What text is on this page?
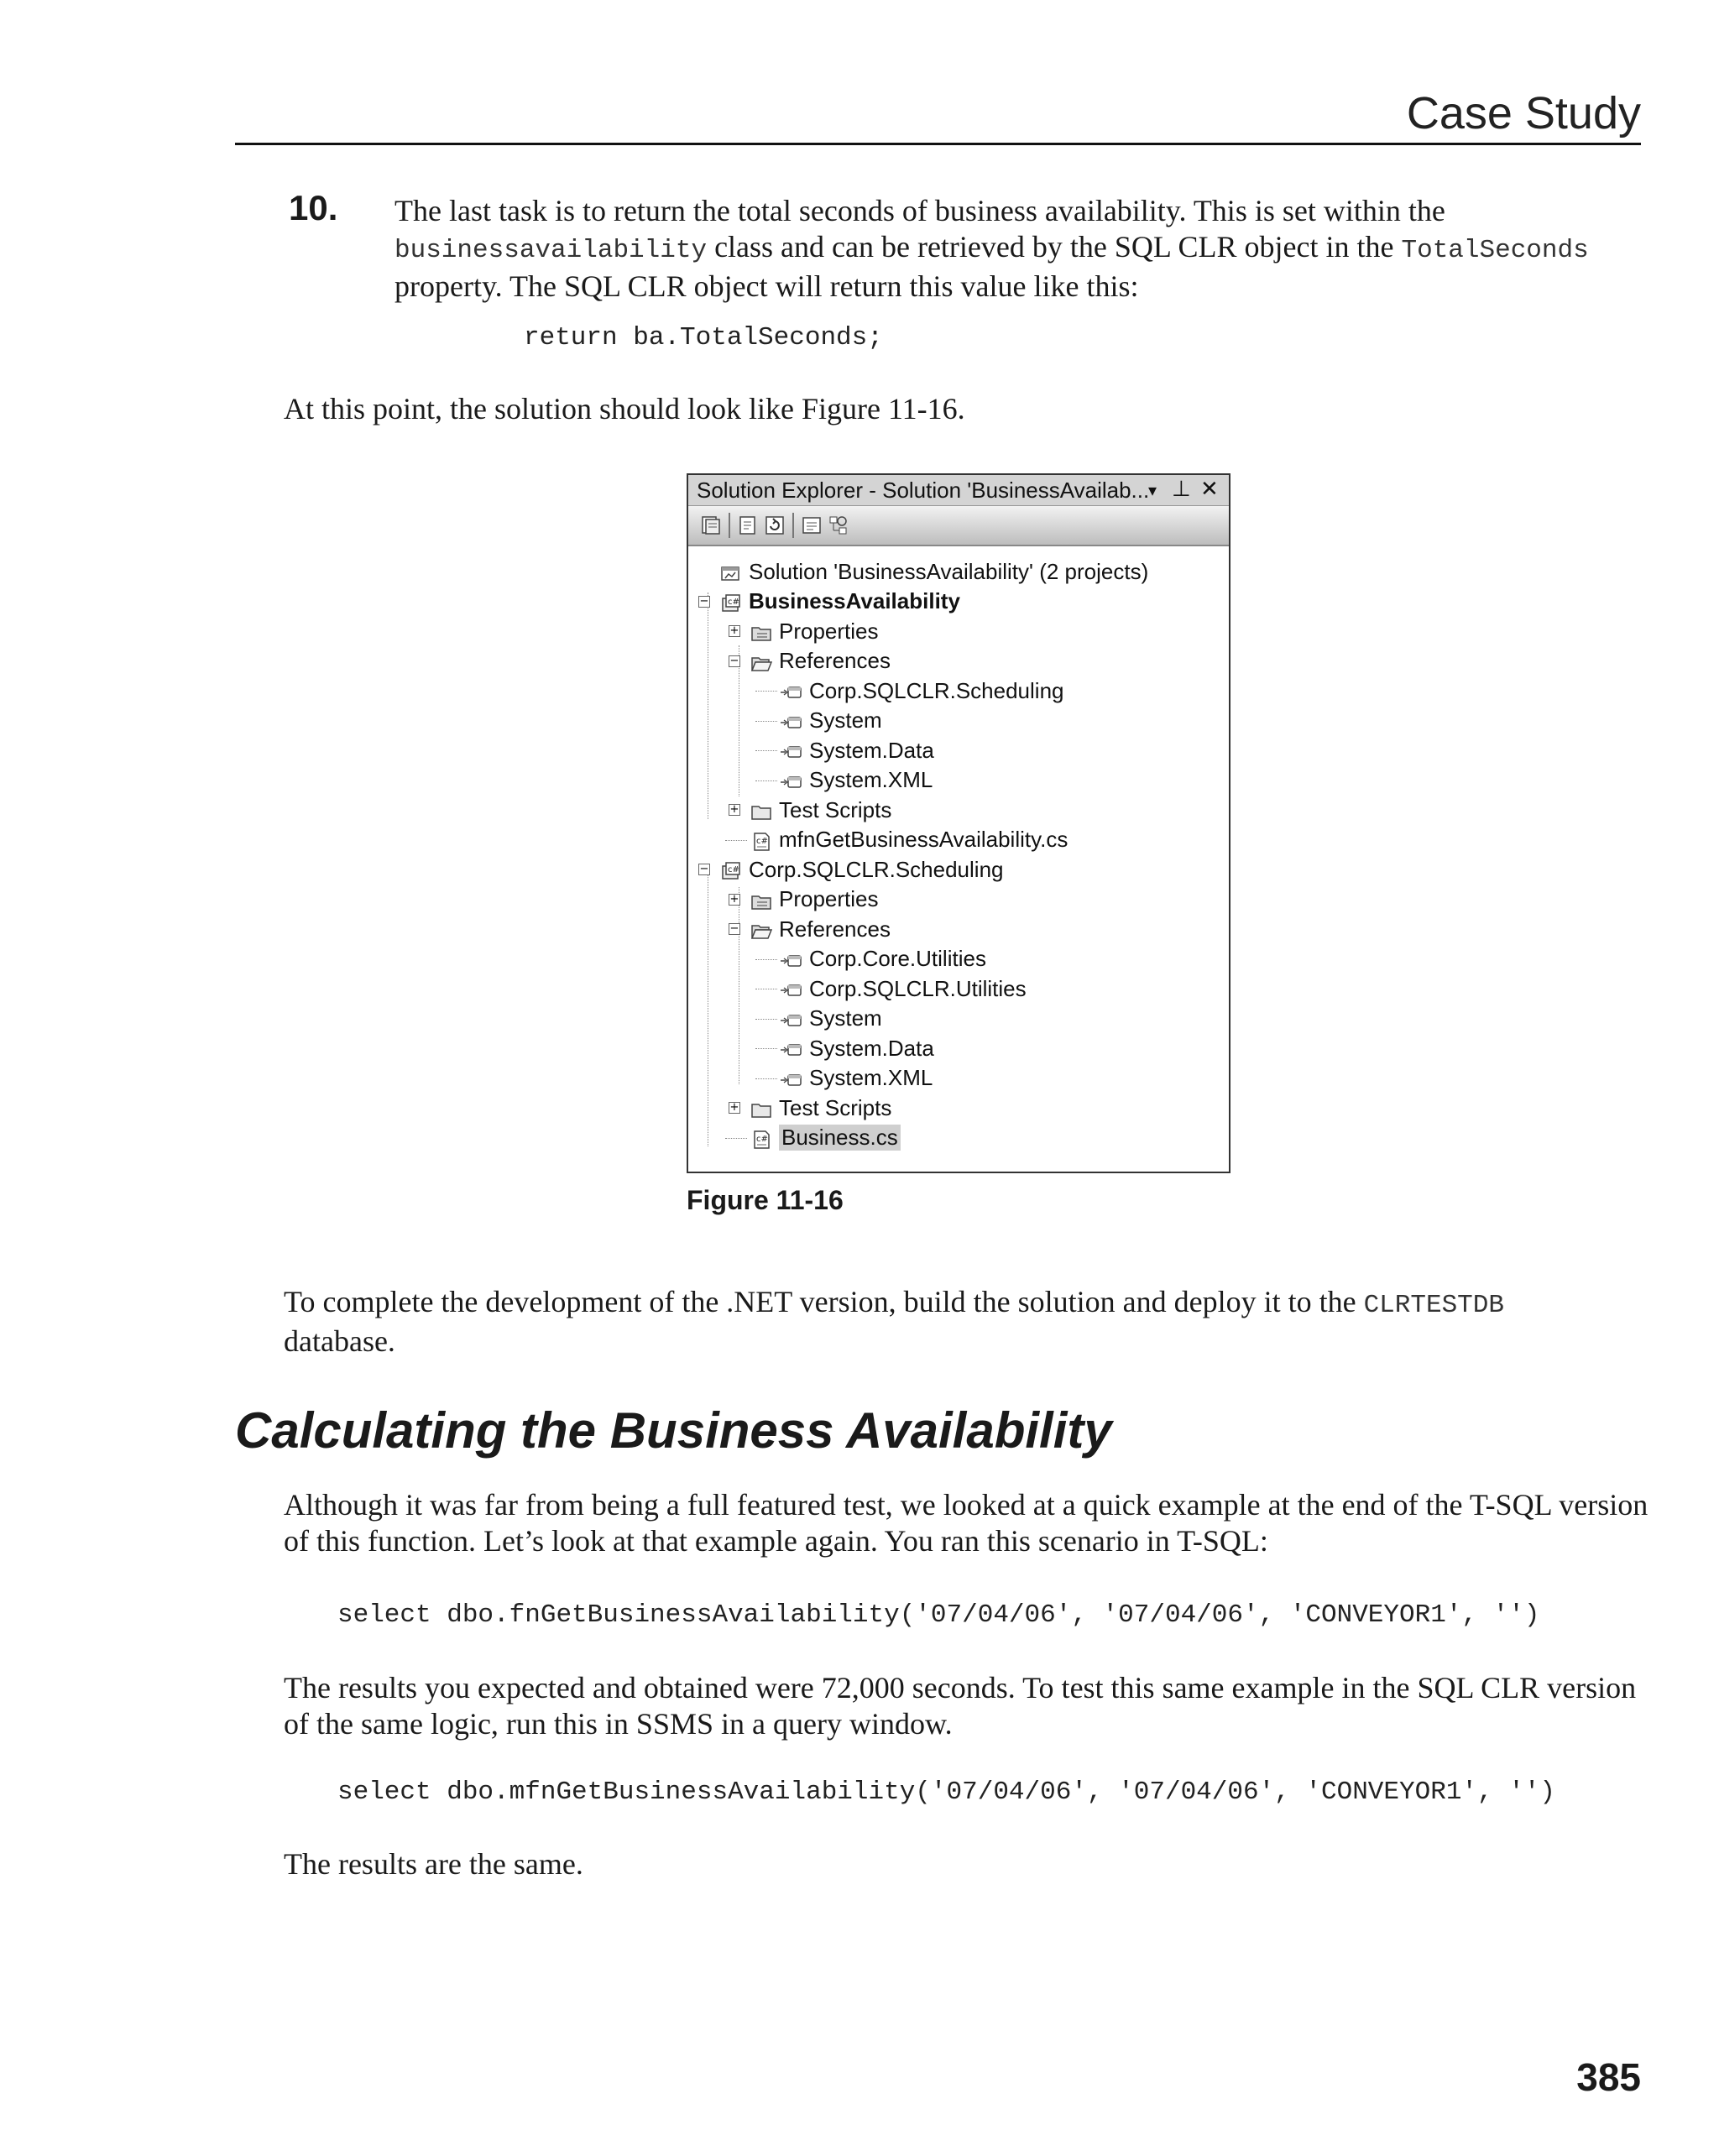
Case Study
10. The last task is to return the total seconds of business availability. This is set within the
businessavailability class and can be retrieved by the SQL CLR object in the TotalSeconds
property. The SQL CLR object will return this value like this:
return ba.TotalSeconds;
At this point, the solution should look like Figure 11-16.
Solution Explorer - Solution 'BusinessAvailab...
▾ ⊥ ✕
Solution 'BusinessAvailability' (2 projects)
− c# BusinessAvailability
+ Properties
− References
Corp.SQLCLR.Scheduling
System
System.Data
System.XML
+ Test Scripts
c# mfnGetBusinessAvailability.cs
− c# Corp.SQLCLR.Scheduling
+ Properties
− References
Corp.Core.Utilities
Corp.SQLCLR.Utilities
System
System.Data
System.XML
+ Test Scripts
c# Business.cs
Figure 11-16
To complete the development of the .NET version, build the solution and deploy it to the CLRTESTDB
database.
Calculating the Business Availability
Although it was far from being a full featured test, we looked at a quick example at the end of the T-SQL version of this function. Let’s look at that example again. You ran this scenario in T-SQL:
select dbo.fnGetBusinessAvailability('07/04/06', '07/04/06', 'CONVEYOR1', '')
The results you expected and obtained were 72,000 seconds. To test this same example in the SQL CLR version of the same logic, run this in SSMS in a query window.
select dbo.mfnGetBusinessAvailability('07/04/06', '07/04/06', 'CONVEYOR1', '')
The results are the same.
385
